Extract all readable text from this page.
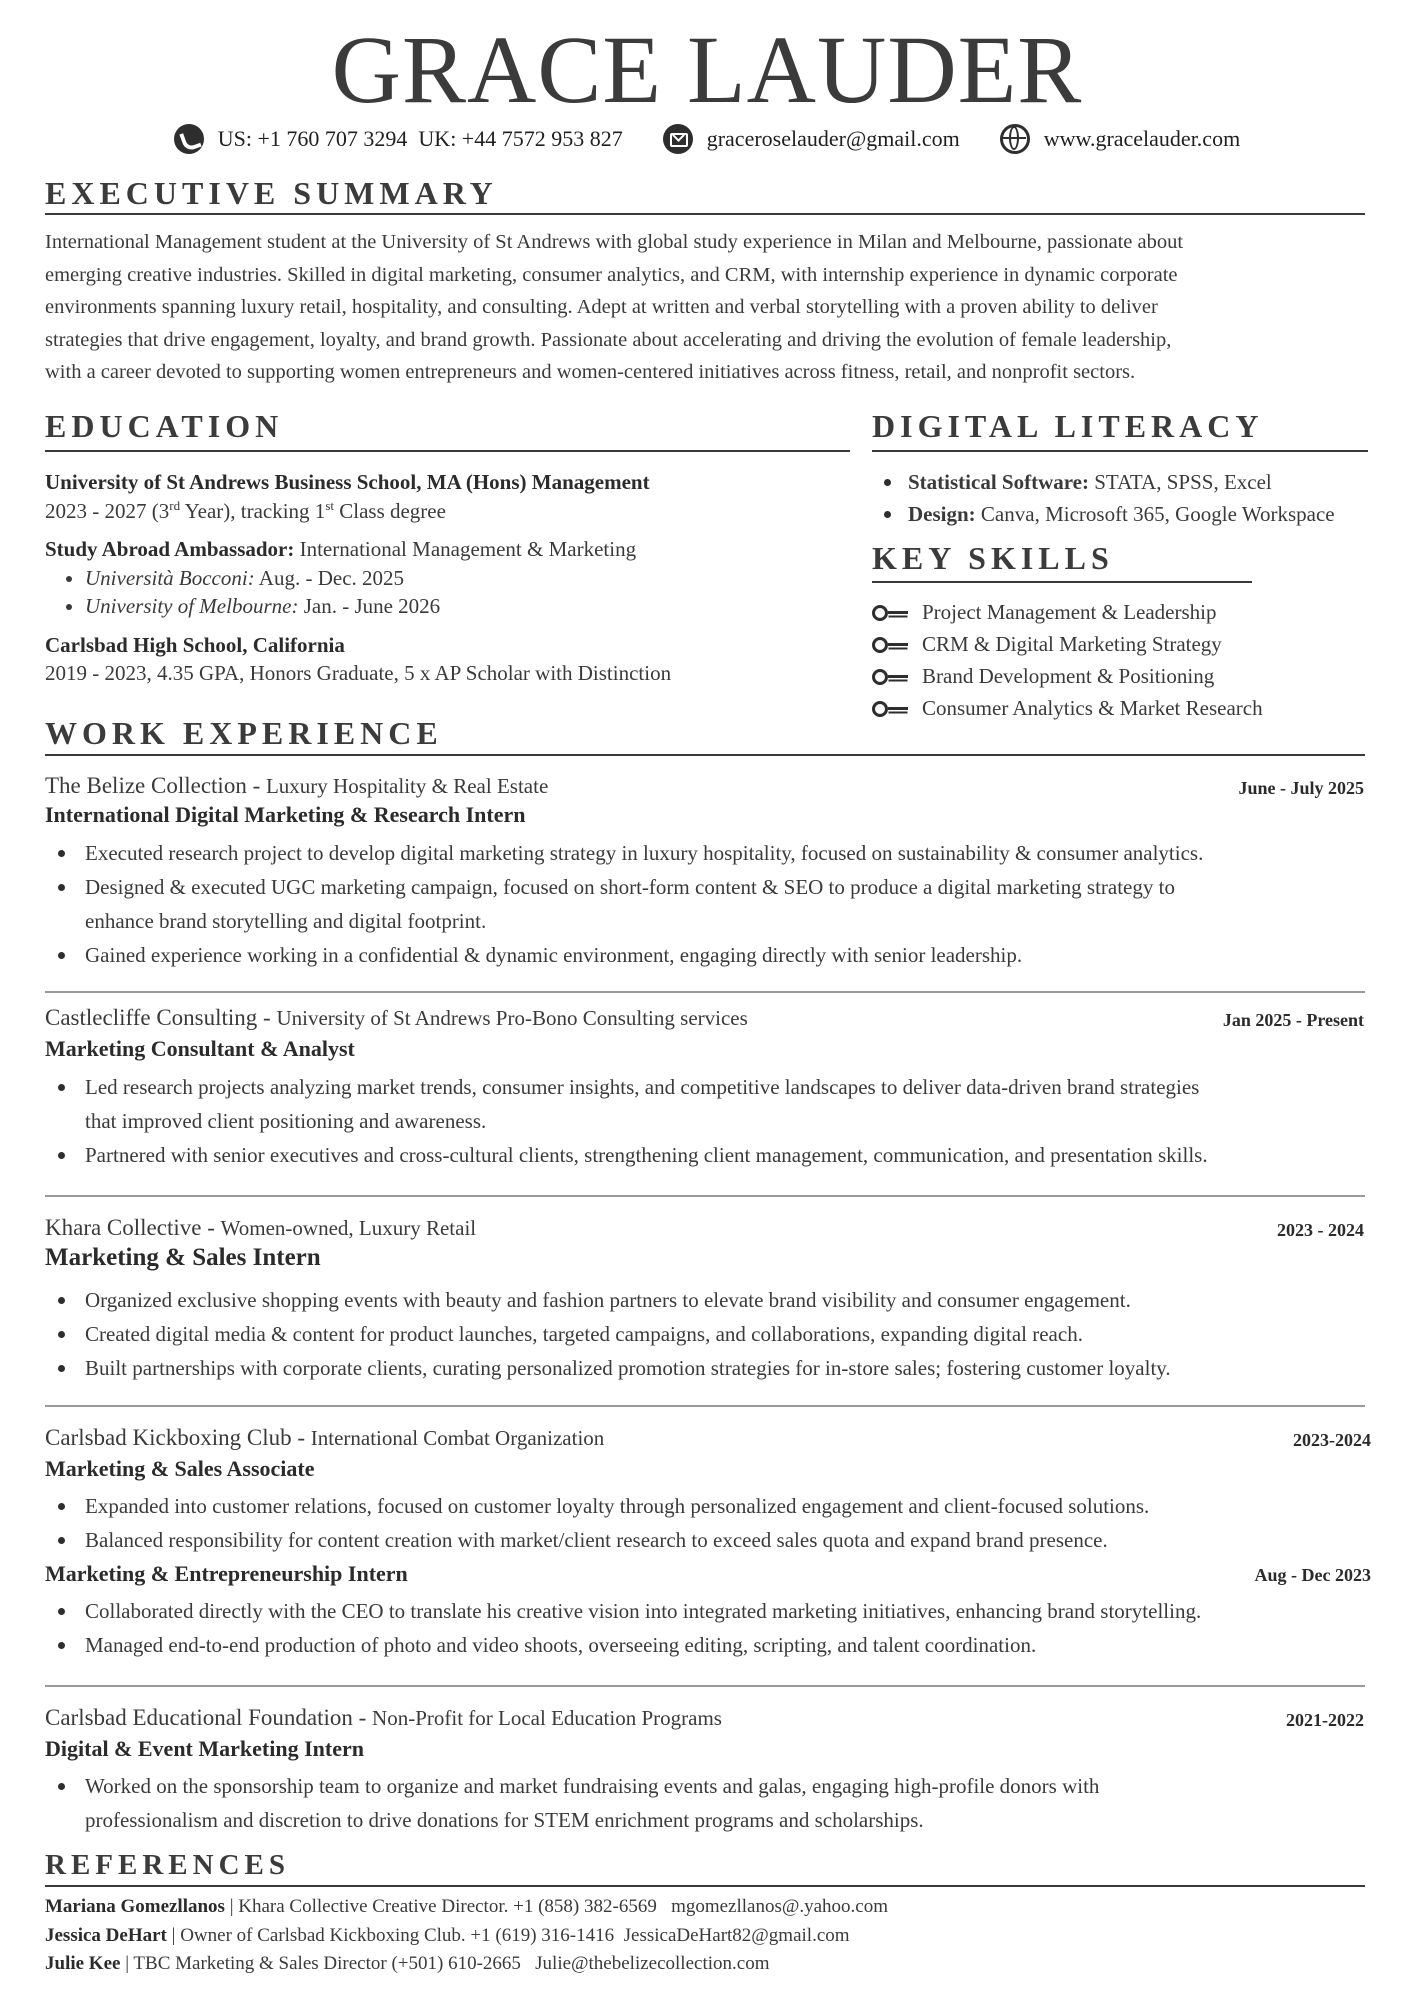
GRACE LAUDER
US: +1 760 707 3294  UK: +44 7572 953 827	graceroselauder@gmail.com	www.gracelauder.com
EXECUTIVE SUMMARY
International Management student at the University of St Andrews with global study experience in Milan and Melbourne, passionate about
emerging creative industries. Skilled in digital marketing, consumer analytics, and CRM, with internship experience in dynamic corporate
environments spanning luxury retail, hospitality, and consulting. Adept at written and verbal storytelling with a proven ability to deliver
strategies that drive engagement, loyalty, and brand growth. Passionate about accelerating and driving the evolution of female leadership,
with a career devoted to supporting women entrepreneurs and women-centered initiatives across fitness, retail, and nonprofit sectors.
EDUCATION
University of St Andrews Business School, MA (Hons) Management
2023 - 2027 (3rd Year), tracking 1st Class degree
Study Abroad Ambassador: International Management & Marketing
• Università Bocconi: Aug. - Dec. 2025
• University of Melbourne: Jan. - June 2026
Carlsbad High School, California
2019 - 2023, 4.35 GPA, Honors Graduate, 5 x AP Scholar with Distinction
DIGITAL LITERACY
Statistical Software: STATA, SPSS, Excel
Design: Canva, Microsoft 365, Google Workspace
KEY SKILLS
Project Management & Leadership
CRM & Digital Marketing Strategy
Brand Development & Positioning
Consumer Analytics & Market Research
WORK EXPERIENCE
The Belize Collection - Luxury Hospitality & Real Estate	June - July 2025
International Digital Marketing & Research Intern
Executed research project to develop digital marketing strategy in luxury hospitality, focused on sustainability & consumer analytics.
Designed & executed UGC marketing campaign, focused on short-form content & SEO to produce a digital marketing strategy to
enhance brand storytelling and digital footprint.
Gained experience working in a confidential & dynamic environment, engaging directly with senior leadership.
Castlecliffe Consulting - University of St Andrews Pro-Bono Consulting services	Jan 2025 - Present
Marketing Consultant & Analyst
Led research projects analyzing market trends, consumer insights, and competitive landscapes to deliver data-driven brand strategies
that improved client positioning and awareness.
Partnered with senior executives and cross-cultural clients, strengthening client management, communication, and presentation skills.
Khara Collective - Women-owned, Luxury Retail	2023 - 2024
Marketing & Sales Intern
Organized exclusive shopping events with beauty and fashion partners to elevate brand visibility and consumer engagement.
Created digital media & content for product launches, targeted campaigns, and collaborations, expanding digital reach.
Built partnerships with corporate clients, curating personalized promotion strategies for in-store sales; fostering customer loyalty.
Carlsbad Kickboxing Club - International Combat Organization	2023-2024
Marketing & Sales Associate
Expanded into customer relations, focused on customer loyalty through personalized engagement and client-focused solutions.
Balanced responsibility for content creation with market/client research to exceed sales quota and expand brand presence.
Marketing & Entrepreneurship Intern	Aug - Dec 2023
Collaborated directly with the CEO to translate his creative vision into integrated marketing initiatives, enhancing brand storytelling.
Managed end-to-end production of photo and video shoots, overseeing editing, scripting, and talent coordination.
Carlsbad Educational Foundation - Non-Profit for Local Education Programs	2021-2022
Digital & Event Marketing Intern
Worked on the sponsorship team to organize and market fundraising events and galas, engaging high-profile donors with
professionalism and discretion to drive donations for STEM enrichment programs and scholarships.
REFERENCES
Mariana Gomezllanos | Khara Collective Creative Director. +1 (858) 382-6569   mgomezllanos@.yahoo.com
Jessica DeHart | Owner of Carlsbad Kickboxing Club. +1 (619) 316-1416  JessicaDeHart82@gmail.com
Julie Kee | TBC Marketing & Sales Director (+501) 610-2665   Julie@thebelizecollection.com
